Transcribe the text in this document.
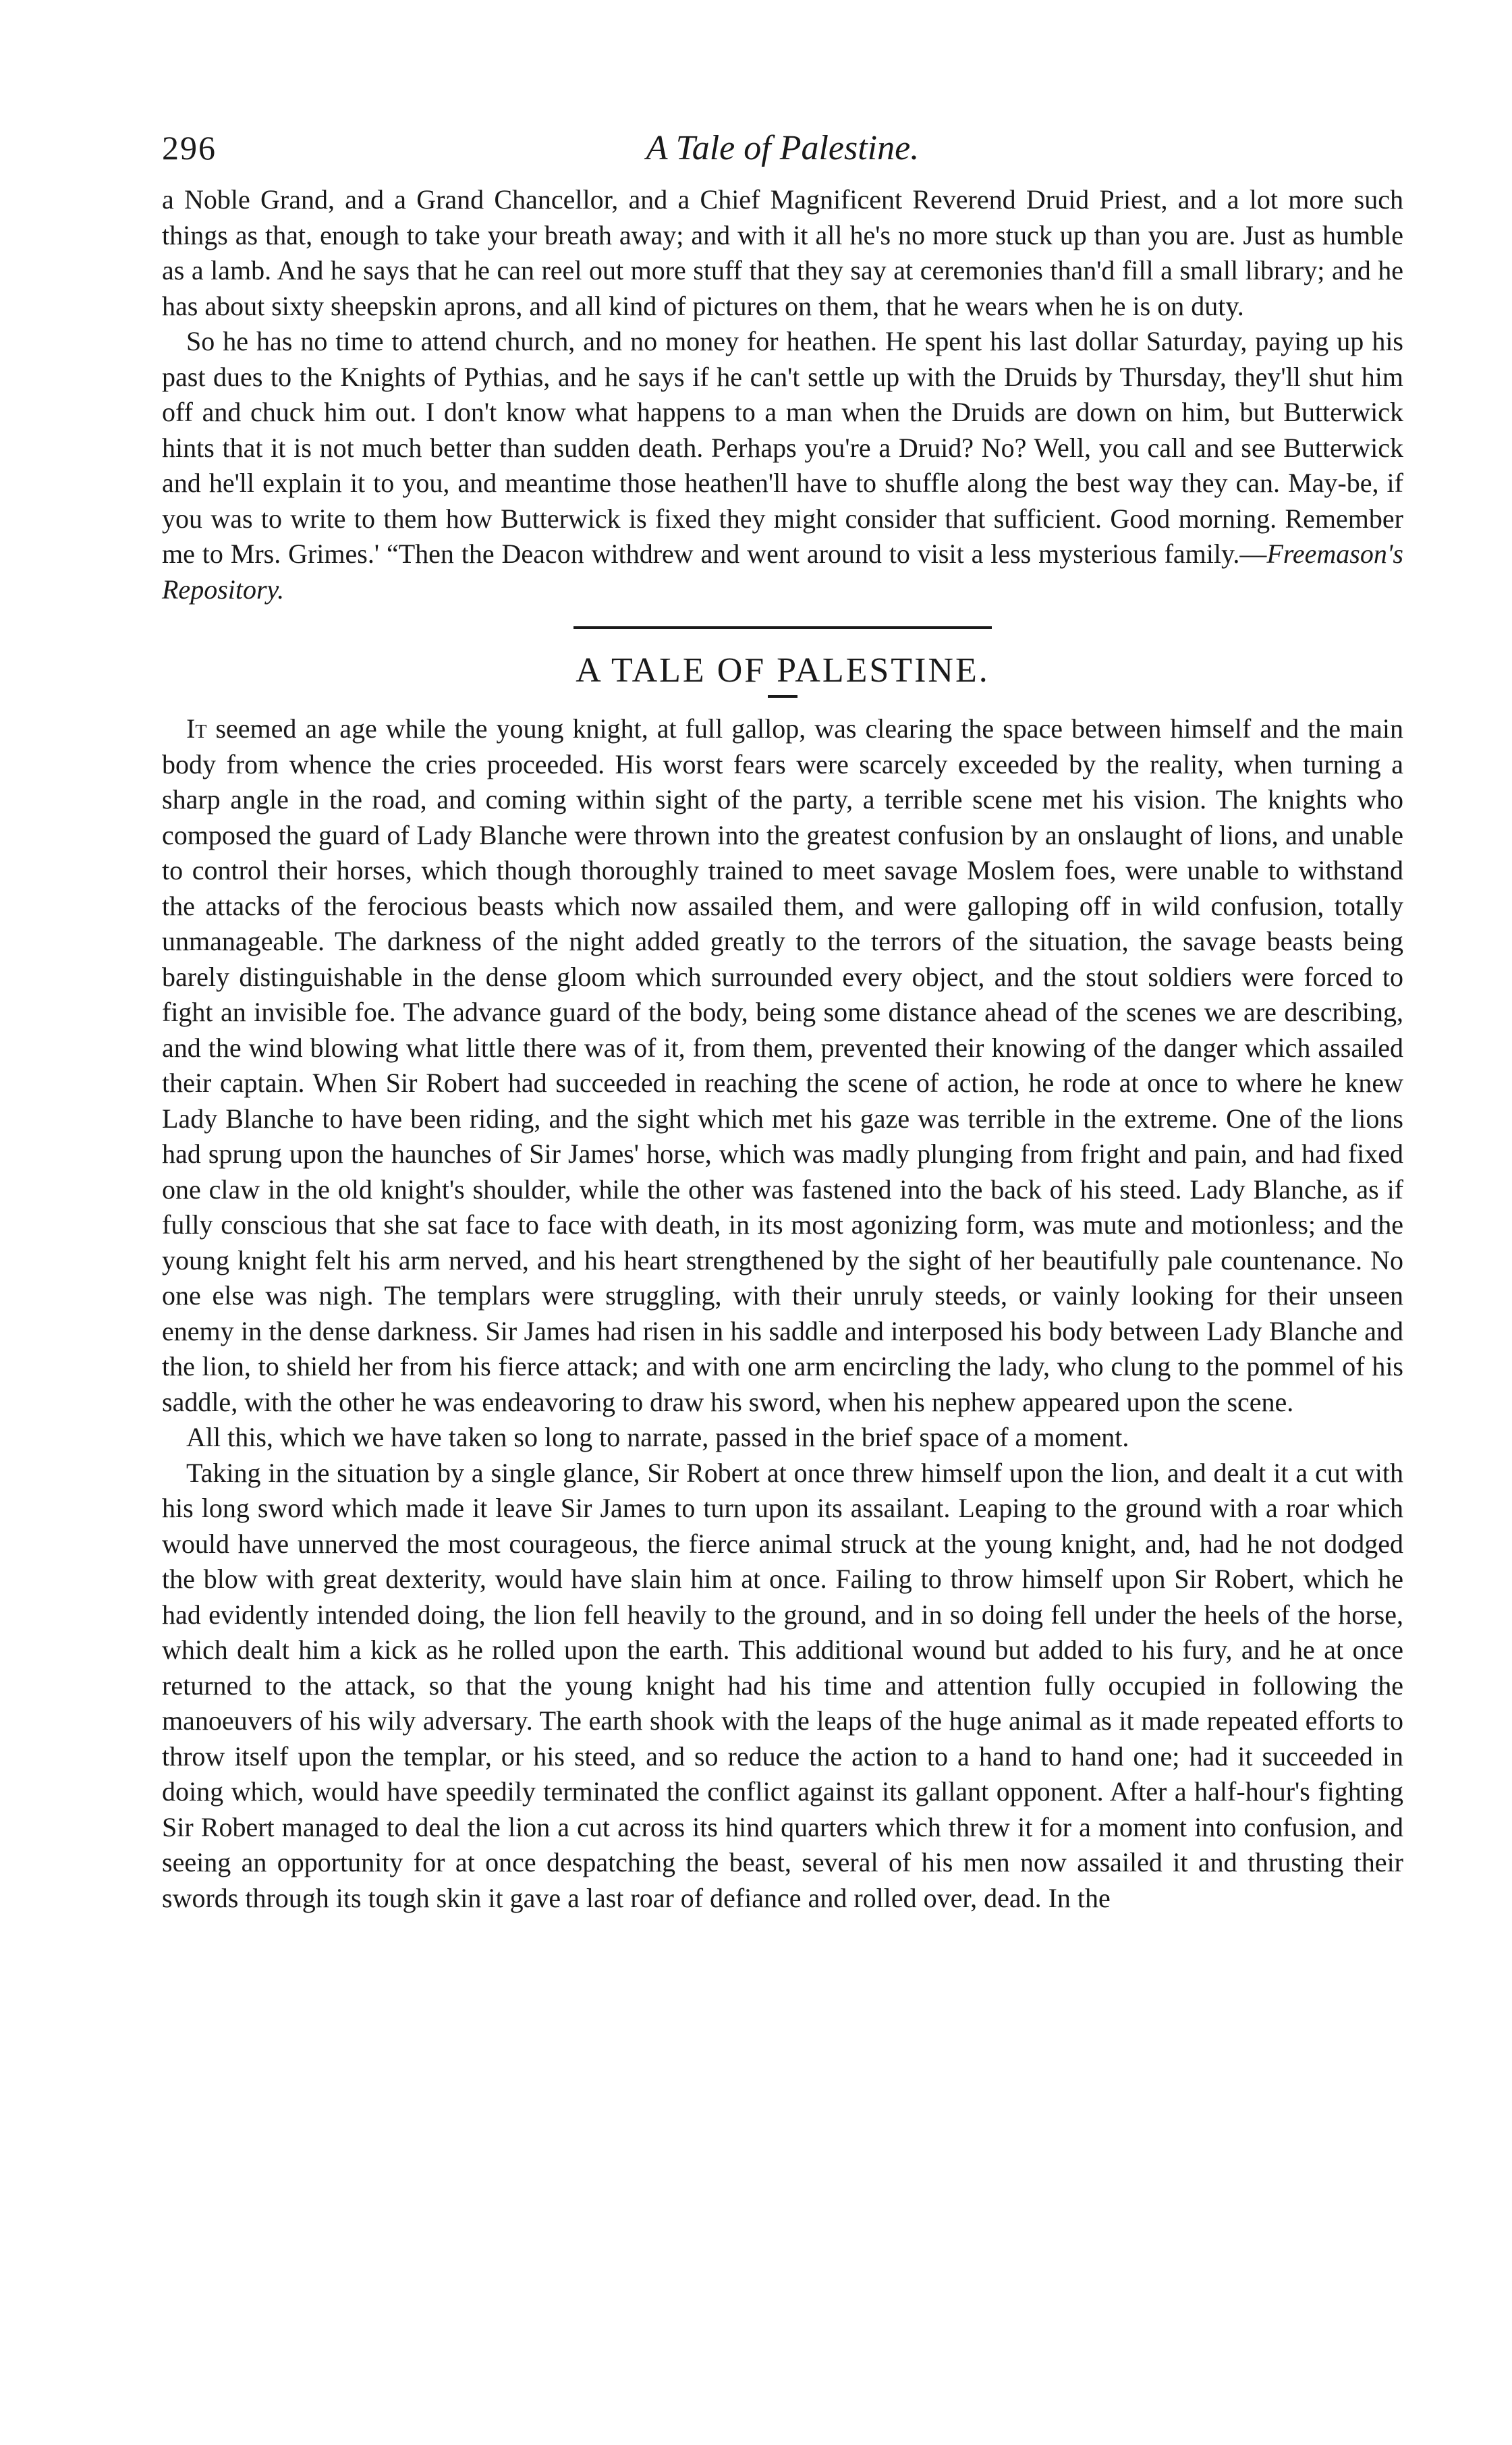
296	A Tale of Palestine.

a Noble Grand, and a Grand Chancellor, and a Chief Magnificent Reverend Druid Priest, and a lot more such things as that, enough to take your breath away; and with it all he's no more stuck up than you are. Just as humble as a lamb. And he says that he can reel out more stuff that they say at ceremonies than'd fill a small library; and he has about sixty sheepskin aprons, and all kind of pictures on them, that he wears when he is on duty.

So he has no time to attend church, and no money for heathen. He spent his last dollar Saturday, paying up his past dues to the Knights of Pythias, and he says if he can't settle up with the Druids by Thursday, they'll shut him off and chuck him out. I don't know what happens to a man when the Druids are down on him, but Butterwick hints that it is not much better than sudden death. Perhaps you're a Druid? No? Well, you call and see Butterwick and he'll explain it to you, and meantime those heathen'll have to shuffle along the best way they can. May-be, if you was to write to them how Butterwick is fixed they might consider that sufficient. Good morning. Remember me to Mrs. Grimes.' “Then the Deacon withdrew and went around to visit a less mysterious family.—Freemason's Repository.

A TALE OF PALESTINE.

It seemed an age while the young knight, at full gallop, was clearing the space between himself and the main body from whence the cries proceeded. His worst fears were scarcely exceeded by the reality, when turning a sharp angle in the road, and coming within sight of the party, a terrible scene met his vision. The knights who composed the guard of Lady Blanche were thrown into the greatest confusion by an onslaught of lions, and unable to control their horses, which though thoroughly trained to meet savage Moslem foes, were unable to withstand the attacks of the ferocious beasts which now assailed them, and were galloping off in wild confusion, totally unmanageable. The darkness of the night added greatly to the terrors of the situation, the savage beasts being barely distinguishable in the dense gloom which surrounded every object, and the stout soldiers were forced to fight an invisible foe. The advance guard of the body, being some distance ahead of the scenes we are describing, and the wind blowing what little there was of it, from them, prevented their knowing of the danger which assailed their captain. When Sir Robert had succeeded in reaching the scene of action, he rode at once to where he knew Lady Blanche to have been riding, and the sight which met his gaze was terrible in the extreme. One of the lions had sprung upon the haunches of Sir James' horse, which was madly plunging from fright and pain, and had fixed one claw in the old knight's shoulder, while the other was fastened into the back of his steed. Lady Blanche, as if fully conscious that she sat face to face with death, in its most agonizing form, was mute and motionless; and the young knight felt his arm nerved, and his heart strengthened by the sight of her beautifully pale countenance. No one else was nigh. The templars were struggling, with their unruly steeds, or vainly looking for their unseen enemy in the dense darkness. Sir James had risen in his saddle and interposed his body between Lady Blanche and the lion, to shield her from his fierce attack; and with one arm encircling the lady, who clung to the pommel of his saddle, with the other he was endeavoring to draw his sword, when his nephew appeared upon the scene.

All this, which we have taken so long to narrate, passed in the brief space of a moment.

Taking in the situation by a single glance, Sir Robert at once threw himself upon the lion, and dealt it a cut with his long sword which made it leave Sir James to turn upon its assailant. Leaping to the ground with a roar which would have unnerved the most courageous, the fierce animal struck at the young knight, and, had he not dodged the blow with great dexterity, would have slain him at once. Failing to throw himself upon Sir Robert, which he had evidently intended doing, the lion fell heavily to the ground, and in so doing fell under the heels of the horse, which dealt him a kick as he rolled upon the earth. This additional wound but added to his fury, and he at once returned to the attack, so that the young knight had his time and attention fully occupied in following the manoeuvers of his wily adversary. The earth shook with the leaps of the huge animal as it made repeated efforts to throw itself upon the templar, or his steed, and so reduce the action to a hand to hand one; had it succeeded in doing which, would have speedily terminated the conflict against its gallant opponent. After a half-hour's fighting Sir Robert managed to deal the lion a cut across its hind quarters which threw it for a moment into confusion, and seeing an opportunity for at once despatching the beast, several of his men now assailed it and thrusting their swords through its tough skin it gave a last roar of defiance and rolled over, dead. In the
